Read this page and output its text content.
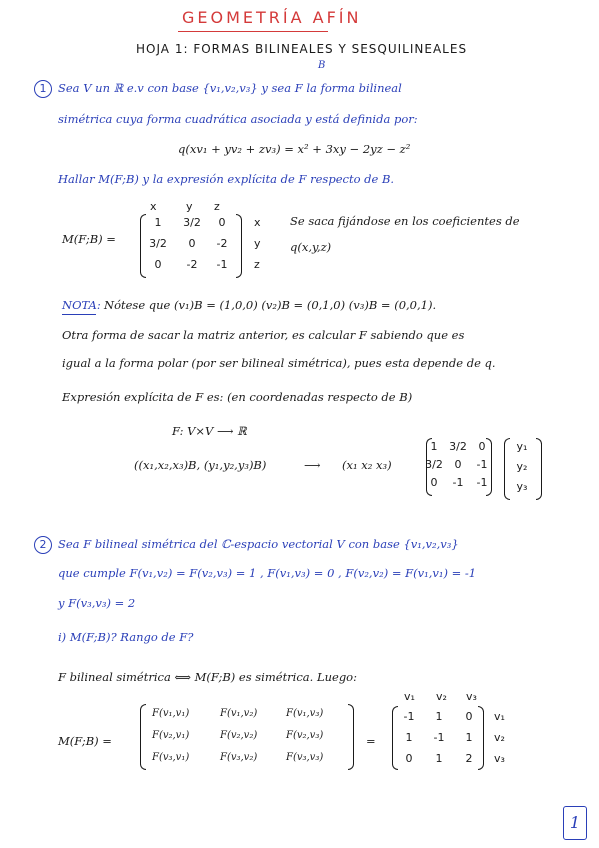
GEOMETRÍA AFÍN
HOJA 1: FORMAS BILINEALES Y SESQUILINEALES
B
1	Sea V un ℝ e.v con base {v₁,v₂,v₃} y sea F la forma bilineal
simétrica cuya forma cuadrática asociada y está definida por:
q(xv₁ + yv₂ + zv₃) = x² + 3xy − 2yz − z²
Hallar M(F;B) y la expresión explícita de F respecto de B.
M(F;B) =
x	y z
1	3/2	0
3/2	0	-2
0	-2	-1
x
y
z
Se saca fijándose en los coeficientes de
q(x,y,z)
NOTA: Nótese que (v₁)B = (1,0,0) (v₂)B = (0,1,0) (v₃)B = (0,0,1).
Otra forma de sacar la matriz anterior, es calcular F sabiendo que es
igual a la forma polar (por ser bilineal simétrica), pues esta depende de q.
Expresión explícita de F es: (en coordenadas respecto de B)
F: V×V ⟶ ℝ
((x₁,x₂,x₃)B, (y₁,y₂,y₃)B)	⟶ (x₁ x₂ x₃)
1	3/2	0
3/2	0	-1
0	-1	-1
y₁
y₂
y₃
2	Sea F bilineal simétrica del ℂ-espacio vectorial V con base {v₁,v₂,v₃}
que cumple F(v₁,v₂) = F(v₂,v₃) = 1 , F(v₁,v₃) = 0 , F(v₂,v₂) = F(v₁,v₁) = -1
y F(v₃,v₃) = 2
i) M(F;B)? Rango de F?
F bilineal simétrica ⟺ M(F;B) es simétrica. Luego:
M(F;B) =
F(v₁,v₁)	F(v₁,v₂)	F(v₁,v₃)
F(v₂,v₁)	F(v₂,v₂)	F(v₂,v₃)
F(v₃,v₁)	F(v₃,v₂)	F(v₃,v₃)
=
v₁ v₂ v₃
-1	1	0
1	-1	1
0	1	2
v₁
v₂
v₃
1
